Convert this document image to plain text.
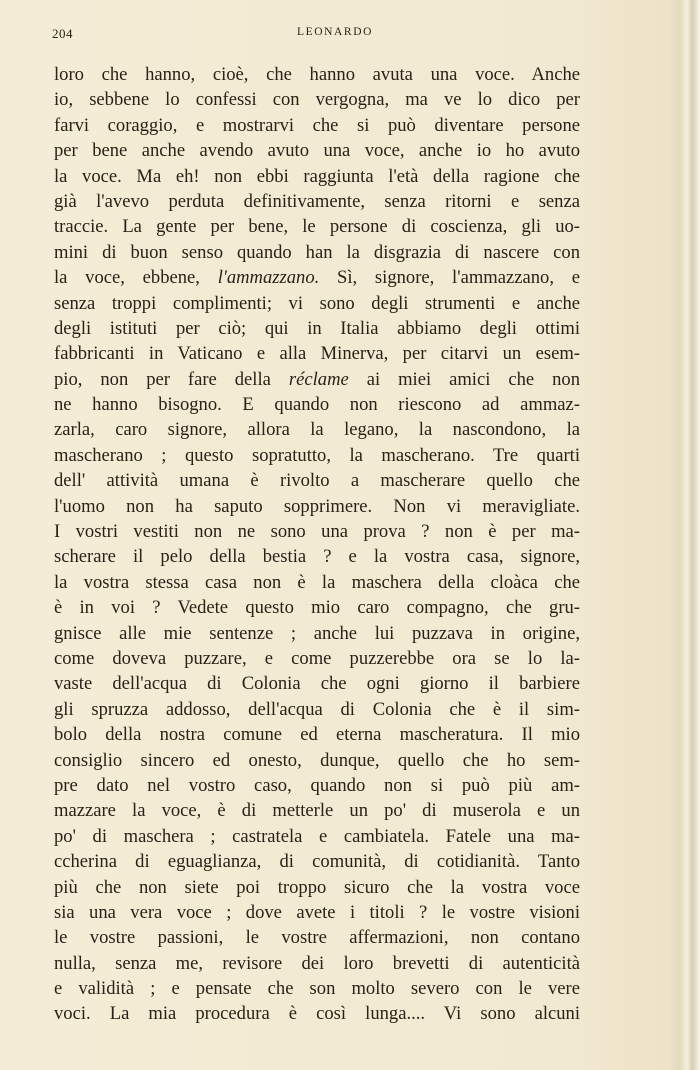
204	LEONARDO
loro che hanno, cioè, che hanno avuta una voce. Anche
io, sebbene lo confessi con vergogna, ma ve lo dico per
farvi coraggio, e mostrarvi che si può diventare persone
per bene anche avendo avuto una voce, anche io ho avuto
la voce. Ma eh! non ebbi raggiunta l'età della ragione che
già l'avevo perduta definitivamente, senza ritorni e senza
traccie. La gente per bene, le persone di coscienza, gli uo-
mini di buon senso quando han la disgrazia di nascere con
la voce, ebbene, l'ammazzano. Sì, signore, l'ammazzano, e
senza troppi complimenti; vi sono degli strumenti e anche
degli istituti per ciò; qui in Italia abbiamo degli ottimi
fabbricanti in Vaticano e alla Minerva, per citarvi un esem-
pio, non per fare della réclame ai miei amici che non
ne hanno bisogno. E quando non riescono ad ammaz-
zarla, caro signore, allora la legano, la nascondono, la
mascherano ; questo sopratutto, la mascherano. Tre quarti
dell' attività umana è rivolto a mascherare quello che
l'uomo non ha saputo sopprimere. Non vi meravigliate.
I vostri vestiti non ne sono una prova ? non è per ma-
scherare il pelo della bestia ? e la vostra casa, signore,
la vostra stessa casa non è la maschera della cloàca che
è in voi ? Vedete questo mio caro compagno, che gru-
gnisce alle mie sentenze ; anche lui puzzava in origine,
come doveva puzzare, e come puzzerebbe ora se lo la-
vaste dell'acqua di Colonia che ogni giorno il barbiere
gli spruzza addosso, dell'acqua di Colonia che è il sim-
bolo della nostra comune ed eterna mascheratura. Il mio
consiglio sincero ed onesto, dunque, quello che ho sem-
pre dato nel vostro caso, quando non si può più am-
mazzare la voce, è di metterle un po' di muserola e un
po' di maschera ; castratela e cambiatela. Fatele una ma-
ccherina di eguaglianza, di comunità, di cotidianità. Tanto
più che non siete poi troppo sicuro che la vostra voce
sia una vera voce ; dove avete i titoli ? le vostre visioni
le vostre passioni, le vostre affermazioni, non contano
nulla, senza me, revisore dei loro brevetti di autenticità
e validità ; e pensate che son molto severo con le vere
voci. La mia procedura è così lunga.... Vi sono alcuni
